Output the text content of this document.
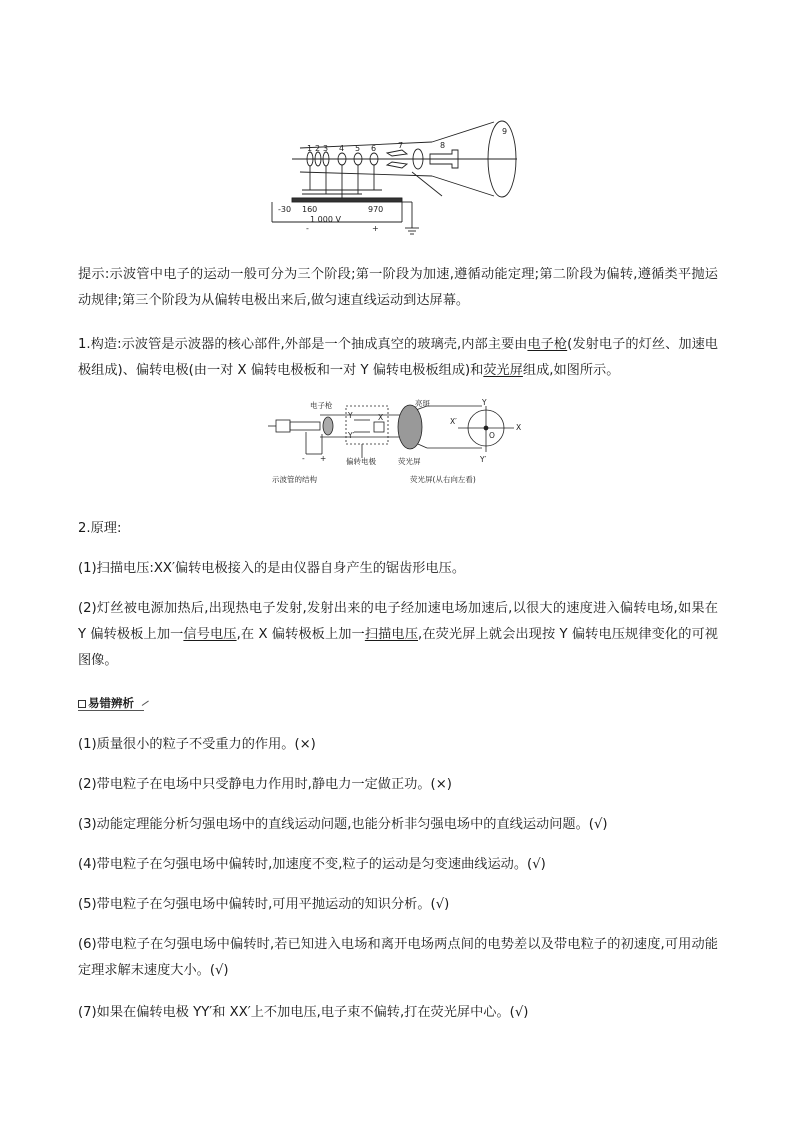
1 2 3 4 5 6	7	8
9
-30 160	970
1 000 V
-	+

提示:示波管中电子的运动一般可分为三个阶段;第一阶段为加速,遵循动能定理;第二阶段为偏转,遵循类平抛运动规律;第三个阶段为从偏转电极出来后,做匀速直线运动到达屏幕。

1.构造:示波管是示波器的核心部件,外部是一个抽成真空的玻璃壳,内部主要由电子枪(发射电子的灯丝、加速电极组成)、偏转电极(由一对 X 偏转电极板和一对 Y 偏转电极板组成)和荧光屏组成,如图所示。

电子枪	亮斑
Y
Y′
X
偏转电极	荧光屏
- +
示波管的结构	荧光屏(从右向左看)
Y
Y′
X
X′
O

2.原理:

(1)扫描电压:XX′偏转电极接入的是由仪器自身产生的锯齿形电压。

(2)灯丝被电源加热后,出现热电子发射,发射出来的电子经加速电场加速后,以很大的速度进入偏转电场,如果在 Y 偏转极板上加一信号电压,在 X 偏转极板上加一扫描电压,在荧光屏上就会出现按 Y 偏转电压规律变化的可视图像。

易错辨析

(1)质量很小的粒子不受重力的作用。(×)

(2)带电粒子在电场中只受静电力作用时,静电力一定做正功。(×)

(3)动能定理能分析匀强电场中的直线运动问题,也能分析非匀强电场中的直线运动问题。(√)

(4)带电粒子在匀强电场中偏转时,加速度不变,粒子的运动是匀变速曲线运动。(√)

(5)带电粒子在匀强电场中偏转时,可用平抛运动的知识分析。(√)

(6)带电粒子在匀强电场中偏转时,若已知进入电场和离开电场两点间的电势差以及带电粒子的初速度,可用动能定理求解末速度大小。(√)

(7)如果在偏转电极 YY′和 XX′上不加电压,电子束不偏转,打在荧光屏中心。(√)
